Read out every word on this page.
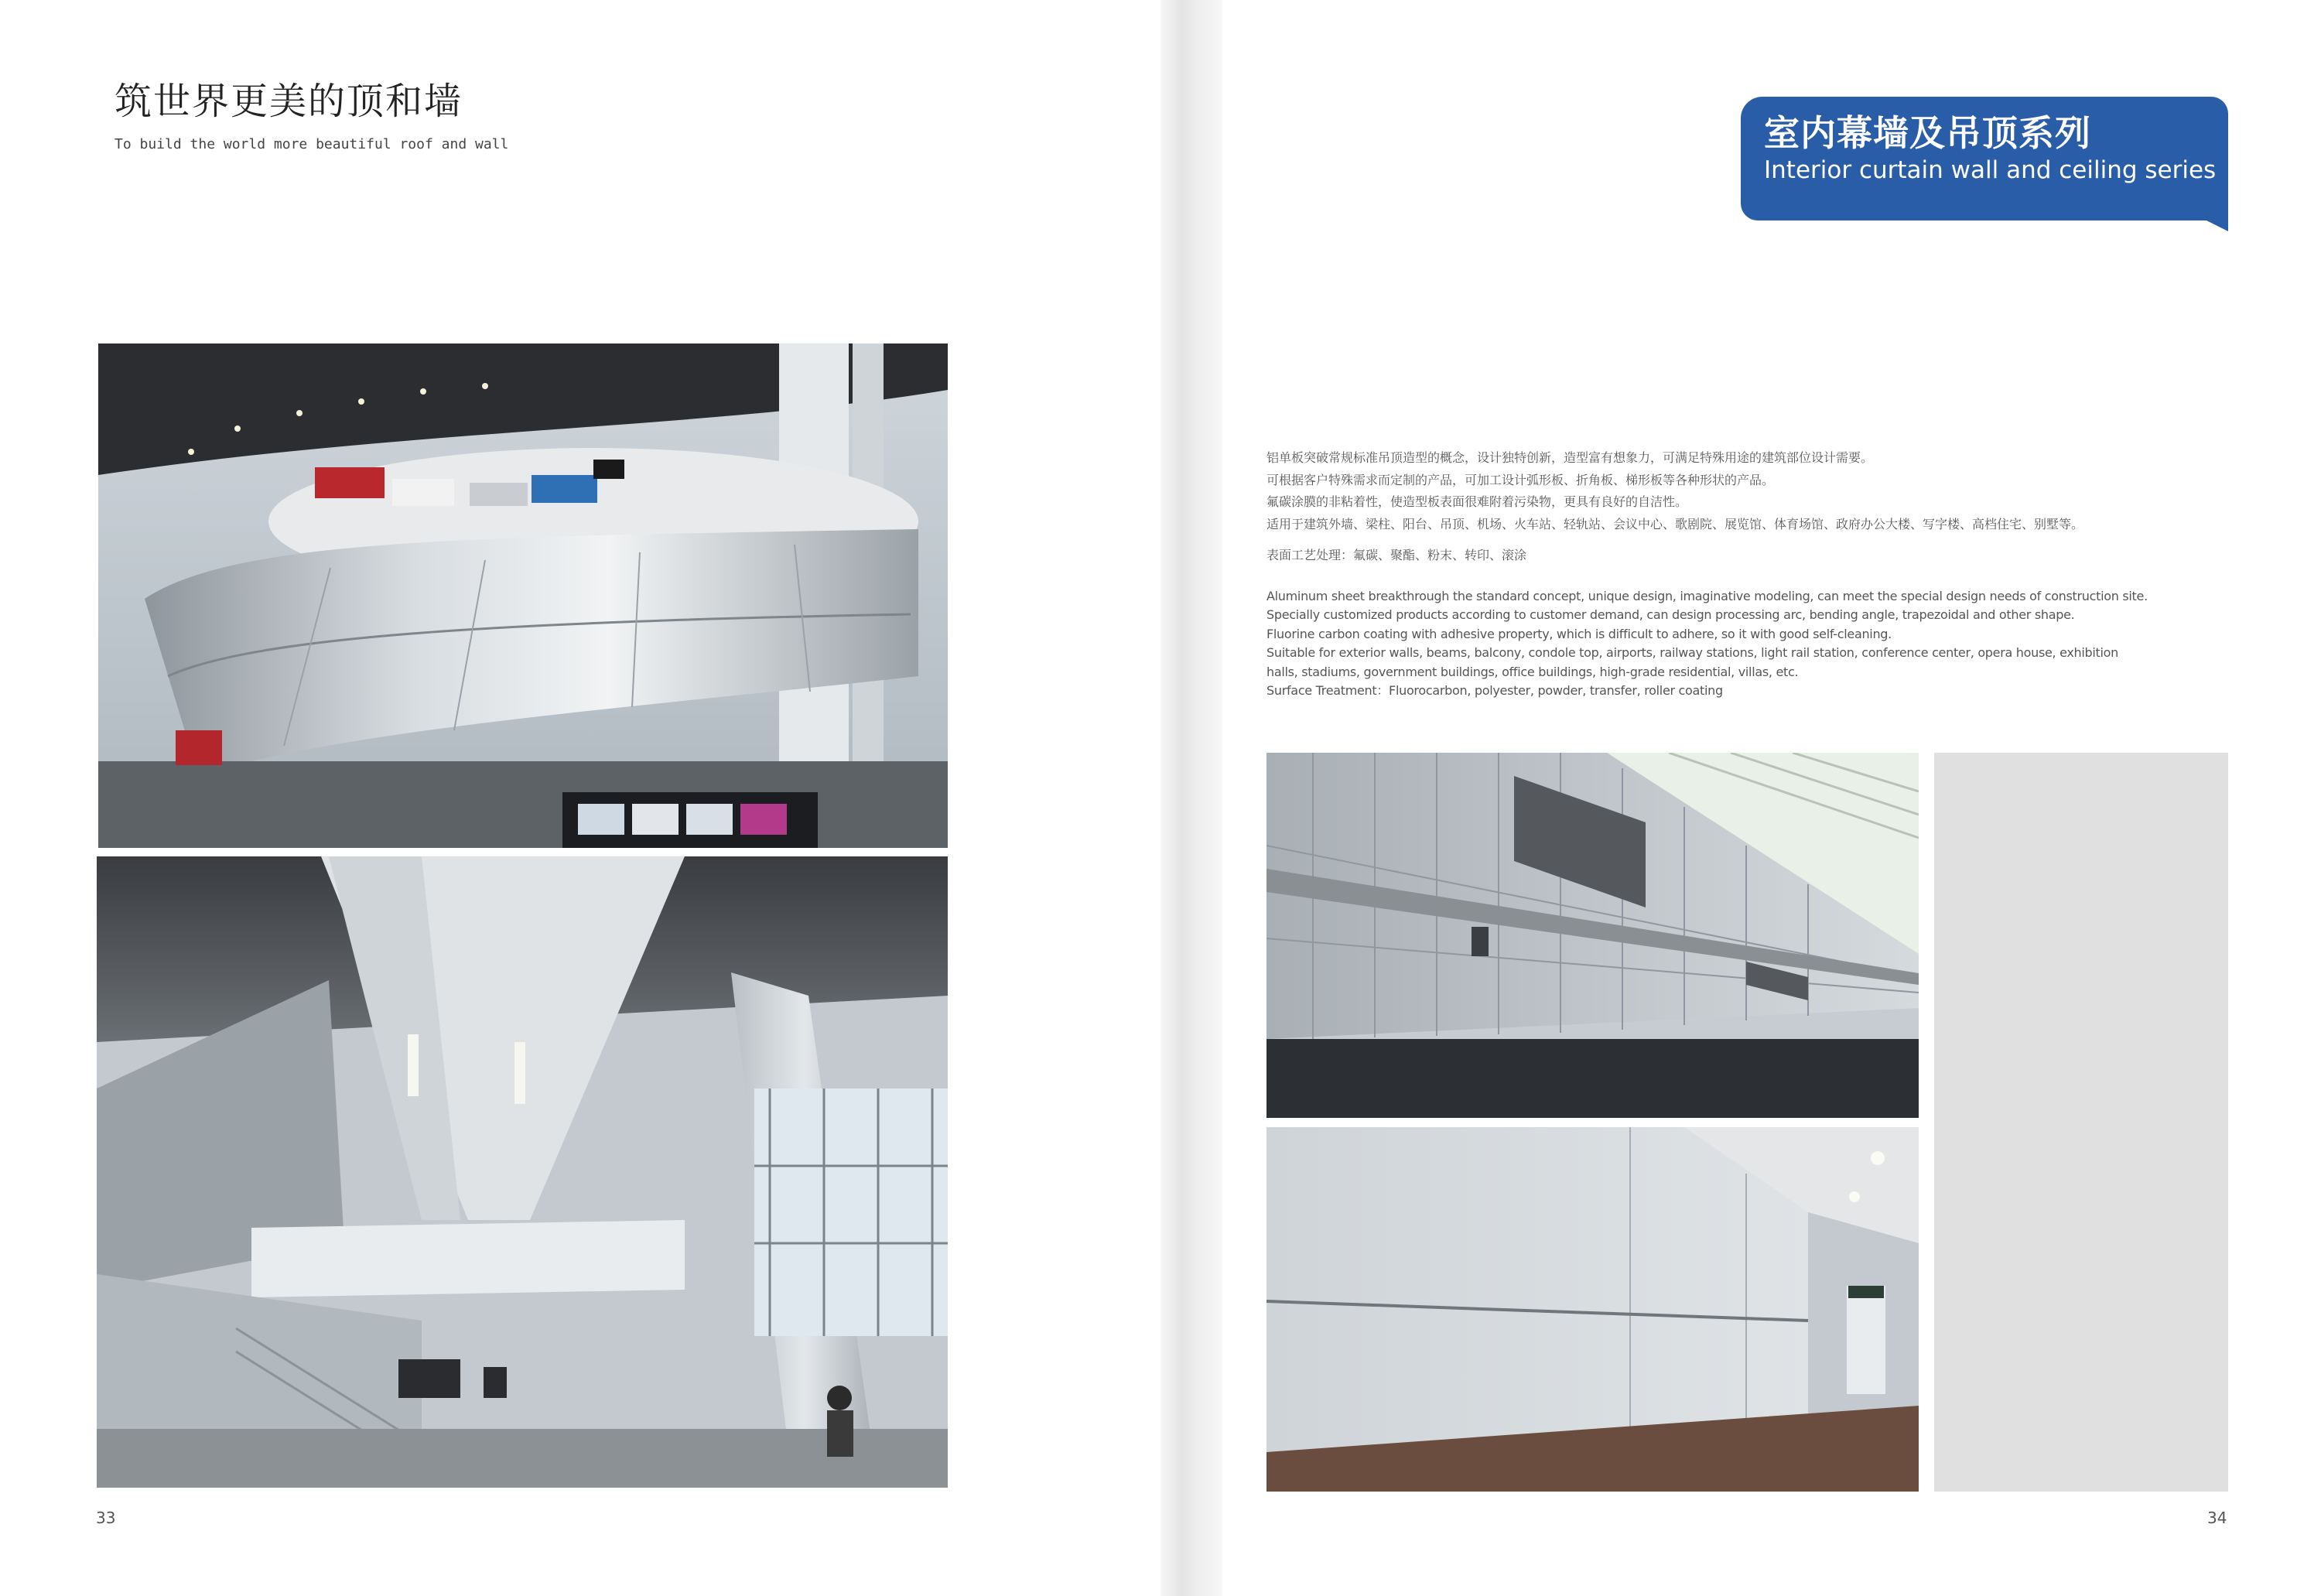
筑世界更美的顶和墙

To build the world more beautiful roof and wall

33
室内幕墙及吊顶系列
Interior curtain wall and ceiling series

铝单板突破常规标准吊顶造型的概念，设计独特创新，造型富有想象力，可满足特殊用途的建筑部位设计需要。

可根据客户特殊需求而定制的产品，可加工设计弧形板、折角板、梯形板等各种形状的产品。

氟碳涂膜的非粘着性，使造型板表面很难附着污染物，更具有良好的自洁性。

适用于建筑外墙、梁柱、阳台、吊顶、机场、火车站、轻轨站、会议中心、歌剧院、展览馆、体育场馆、政府办公大楼、写字楼、高档住宅、别墅等。

表面工艺处理：氟碳、聚酯、粉末、转印、滚涂

Aluminum sheet breakthrough the standard concept, unique design, imaginative modeling, can meet the special design needs of construction site.

Specially customized products according to customer demand, can design processing arc, bending angle, trapezoidal and other shape.

Fluorine carbon coating with adhesive property, which is difficult to adhere, so it with good self-cleaning.

Suitable for exterior walls, beams, balcony, condole top, airports, railway stations, light rail station, conference center, opera house, exhibition

halls, stadiums, government buildings, office buildings, high-grade residential, villas, etc.

Surface Treatment：Fluorocarbon, polyester, powder, transfer, roller coating

34
